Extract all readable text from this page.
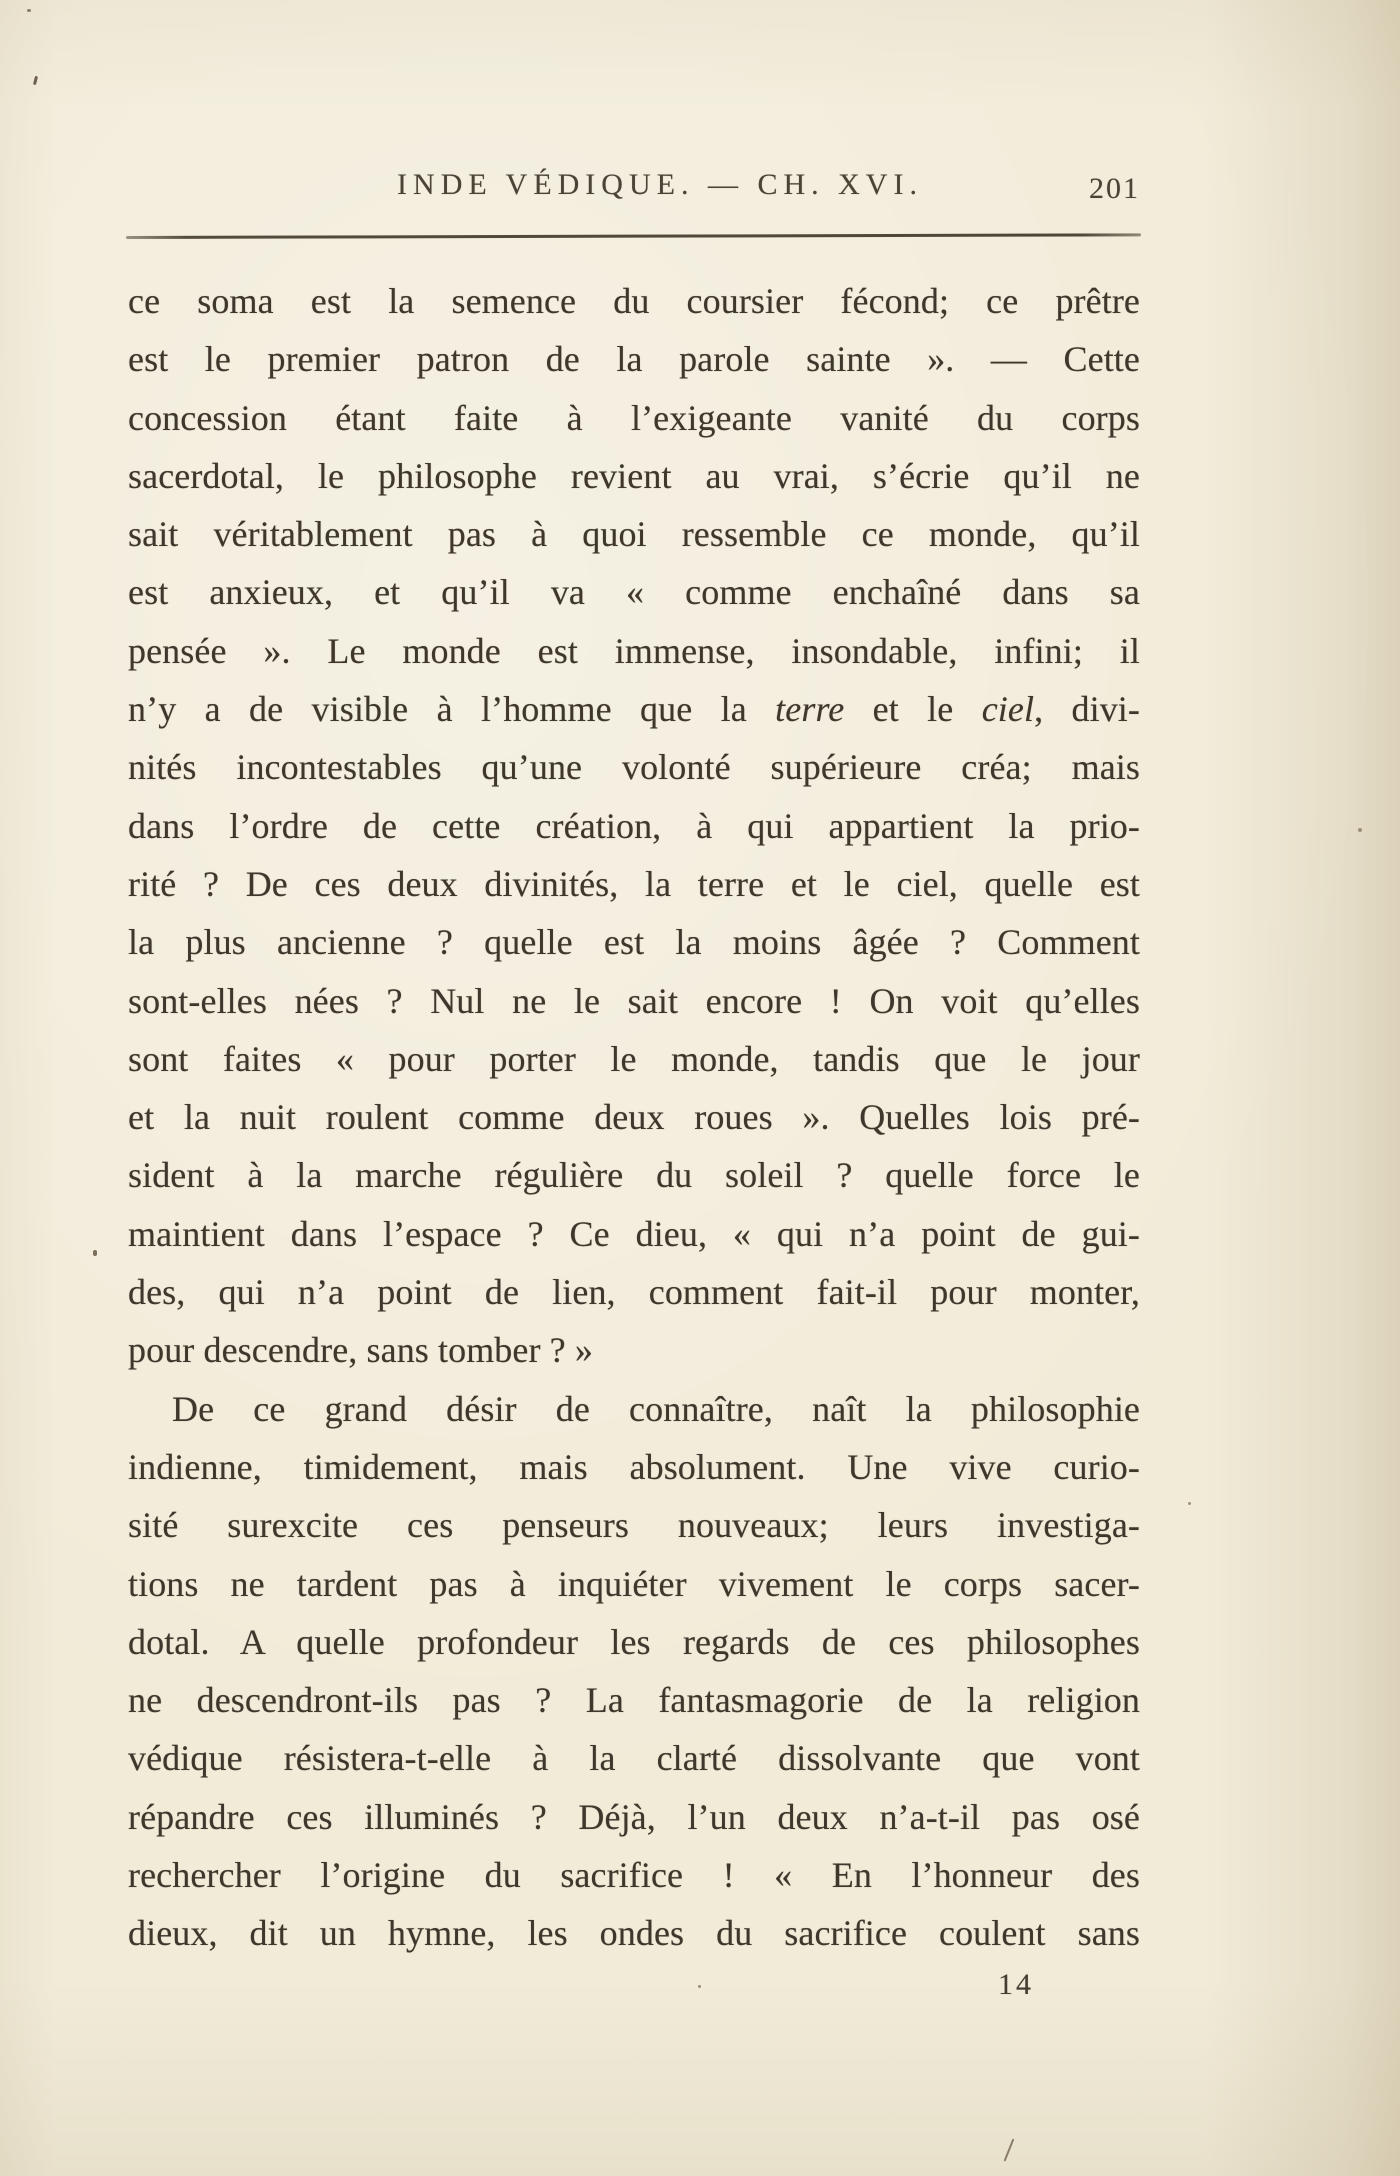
INDE VÉDIQUE. — CH. XVI.	201
ce soma est la semence du coursier fécond; ce prêtre
est le premier patron de la parole sainte ». — Cette
concession étant faite à l’exigeante vanité du corps
sacerdotal, le philosophe revient au vrai, s’écrie qu’il ne
sait véritablement pas à quoi ressemble ce monde, qu’il
est anxieux, et qu’il va « comme enchaîné dans sa
pensée ». Le monde est immense, insondable, infini; il
n’y a de visible à l’homme que la terre et le ciel, divi-
nités incontestables qu’une volonté supérieure créa; mais
dans l’ordre de cette création, à qui appartient la prio-
rité ? De ces deux divinités, la terre et le ciel, quelle est
la plus ancienne ? quelle est la moins âgée ? Comment
sont-elles nées ? Nul ne le sait encore ! On voit qu’elles
sont faites « pour porter le monde, tandis que le jour
et la nuit roulent comme deux roues ». Quelles lois pré-
sident à la marche régulière du soleil ? quelle force le
maintient dans l’espace ? Ce dieu, « qui n’a point de gui-
des, qui n’a point de lien, comment fait-il pour monter,
pour descendre, sans tomber ? »
De ce grand désir de connaître, naît la philosophie
indienne, timidement, mais absolument. Une vive curio-
sité surexcite ces penseurs nouveaux; leurs investiga-
tions ne tardent pas à inquiéter vivement le corps sacer-
dotal. A quelle profondeur les regards de ces philosophes
ne descendront-ils pas ? La fantasmagorie de la religion
védique résistera-t-elle à la clarté dissolvante que vont
répandre ces illuminés ? Déjà, l’un deux n’a-t-il pas osé
rechercher l’origine du sacrifice ! « En l’honneur des
dieux, dit un hymne, les ondes du sacrifice coulent sans
14
